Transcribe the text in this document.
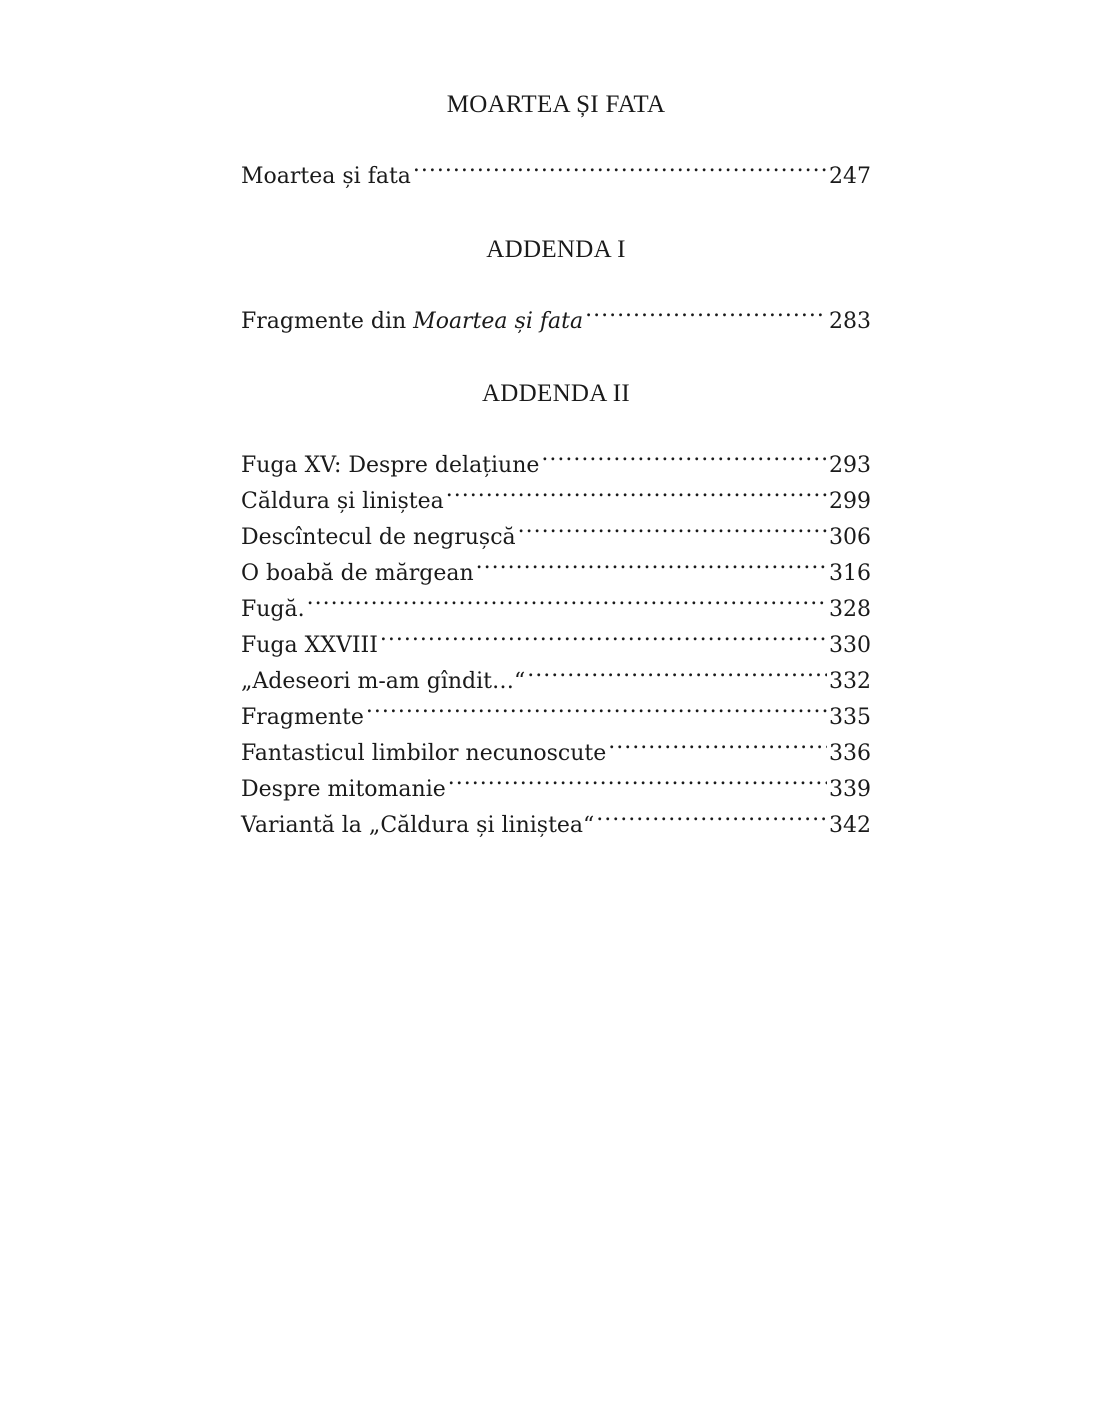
MOARTEA ȘI FATA
Moartea și fata .....	247
ADDENDA I
Fragmente din Moartea și fata .....	283
ADDENDA II
Fuga XV: Despre delațiune .....	293
Căldura și liniștea .....	299
Descîntecul de negrușcă .....	306
O boabă de mărgean .....	316
Fugă. .....	328
Fuga XXVIII .....	330
„Adeseori m-am gîndit…“ .....	332
Fragmente .....	335
Fantasticul limbilor necunoscute .....	336
Despre mitomanie .....	339
Variantă la „Căldura și liniștea“ .....	342
